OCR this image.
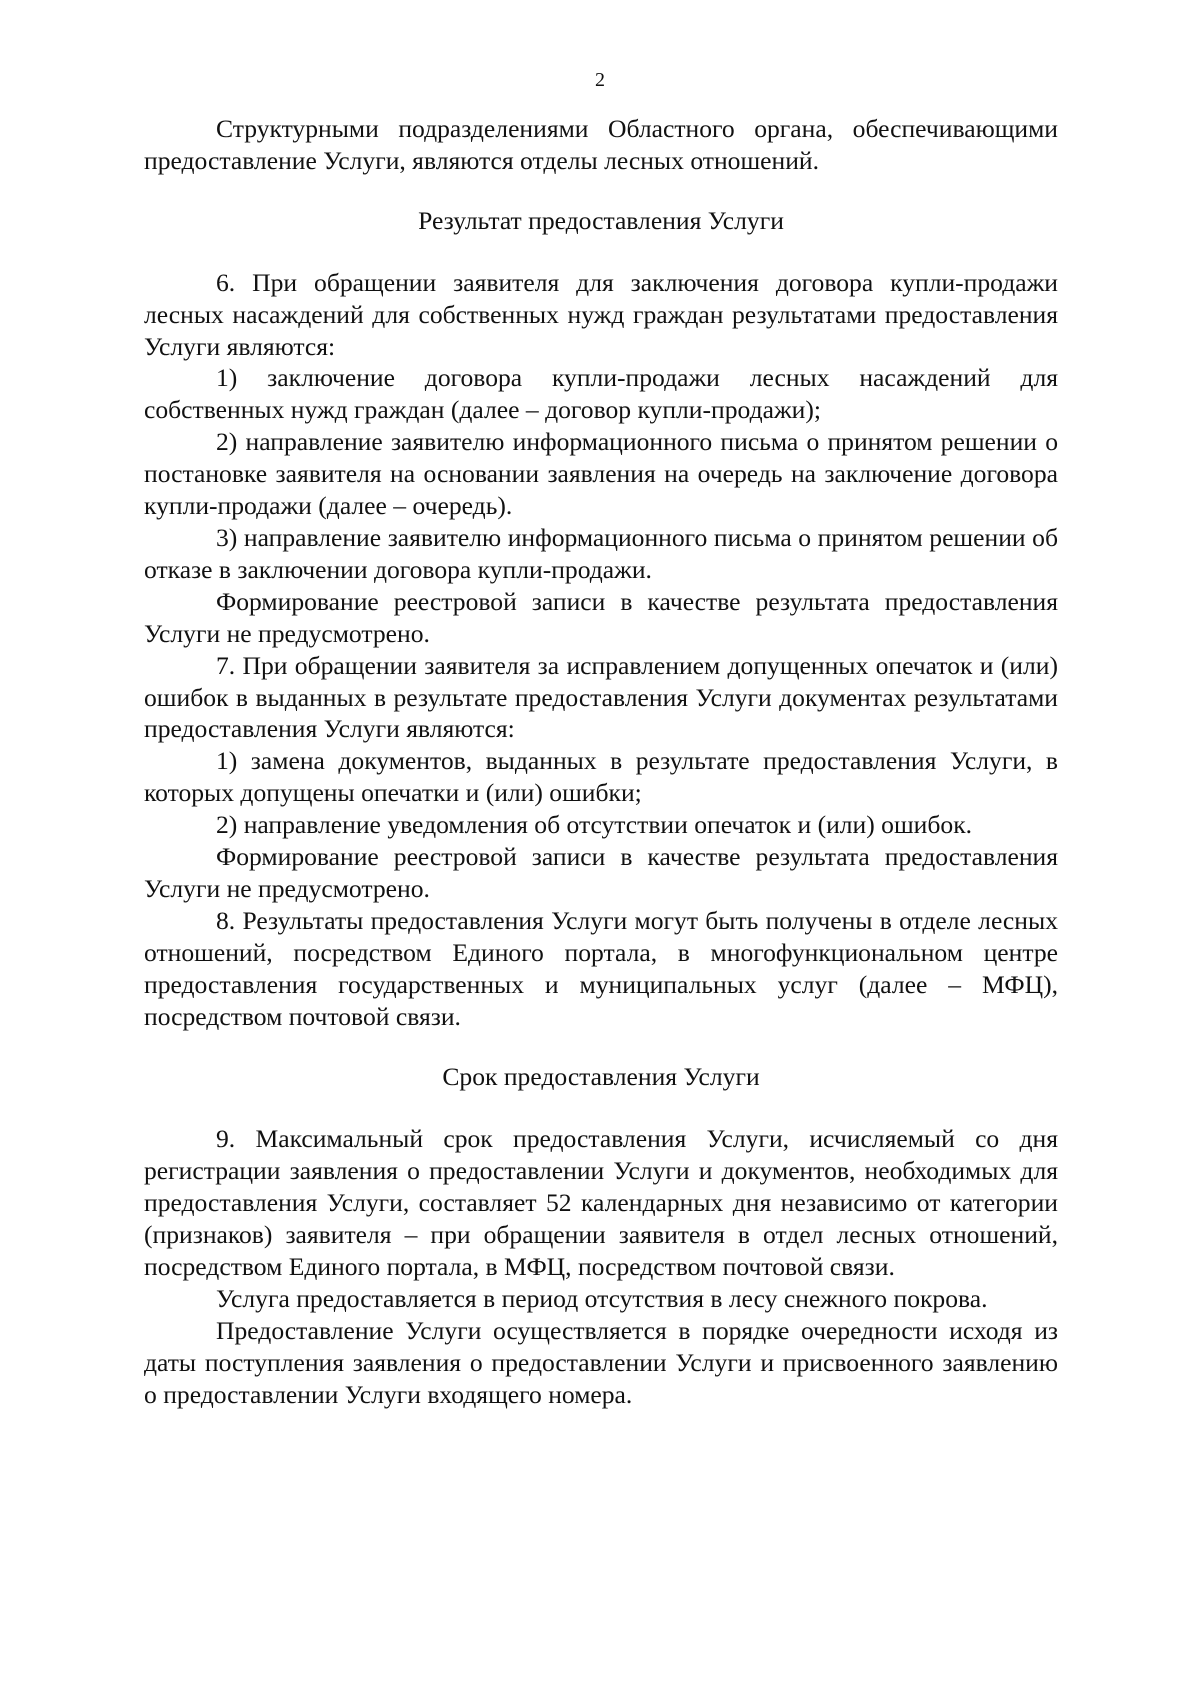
2

Структурными подразделениями Областного органа, обеспечивающими предоставление Услуги, являются отделы лесных отношений.

Результат предоставления Услуги

6. При обращении заявителя для заключения договора купли-продажи лесных насаждений для собственных нужд граждан результатами предоставления Услуги являются:

1) заключение договора купли-продажи лесных насаждений для собственных нужд граждан (далее – договор купли-продажи);

2) направление заявителю информационного письма о принятом решении о постановке заявителя на основании заявления на очередь на заключение договора купли-продажи (далее – очередь).

3) направление заявителю информационного письма о принятом решении об отказе в заключении договора купли-продажи.

Формирование реестровой записи в качестве результата предоставления Услуги не предусмотрено.

7. При обращении заявителя за исправлением допущенных опечаток и (или) ошибок в выданных в результате предоставления Услуги документах результатами предоставления Услуги являются:

1) замена документов, выданных в результате предоставления Услуги, в которых допущены опечатки и (или) ошибки;

2) направление уведомления об отсутствии опечаток и (или) ошибок.

Формирование реестровой записи в качестве результата предоставления Услуги не предусмотрено.

8. Результаты предоставления Услуги могут быть получены в отделе лесных отношений, посредством Единого портала, в многофункциональном центре предоставления государственных и муниципальных услуг (далее – МФЦ), посредством почтовой связи.

Срок предоставления Услуги

9. Максимальный срок предоставления Услуги, исчисляемый со дня регистрации заявления о предоставлении Услуги и документов, необходимых для предоставления Услуги, составляет 52 календарных дня независимо от категории (признаков) заявителя – при обращении заявителя в отдел лесных отношений, посредством Единого портала, в МФЦ, посредством почтовой связи.

Услуга предоставляется в период отсутствия в лесу снежного покрова.

Предоставление Услуги осуществляется в порядке очередности исходя из даты поступления заявления о предоставлении Услуги и присвоенного заявлению о предоставлении Услуги входящего номера.
